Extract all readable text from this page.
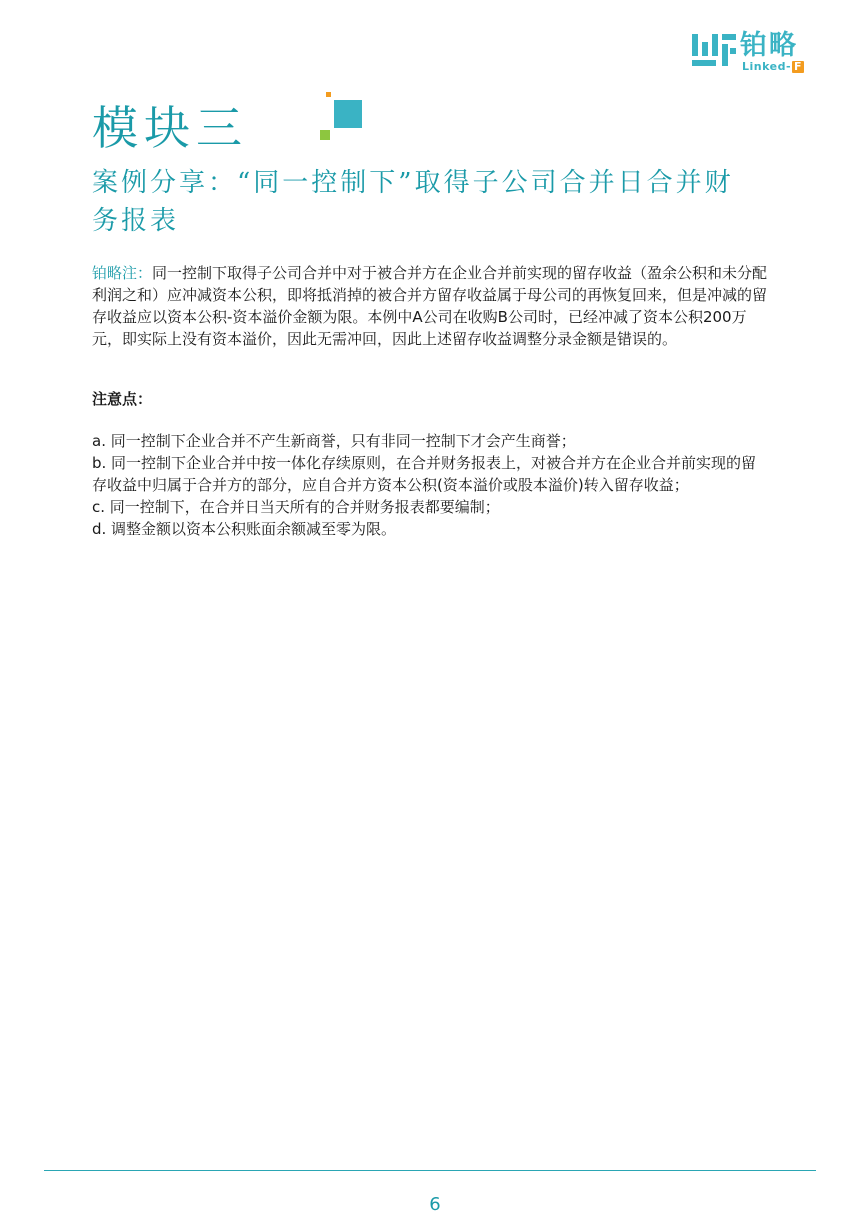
铂略
Linked- F
模块三
案例分享：“同一控制下”取得子公司合并日合并财务报表

铂略注：同一控制下取得子公司合并中对于被合并方在企业合并前实现的留存收益（盈余公积和未分配利润之和）应冲减资本公积，即将抵消掉的被合并方留存收益属于母公司的再恢复回来，但是冲减的留存收益应以资本公积-资本溢价金额为限。本例中A公司在收购B公司时，已经冲减了资本公积200万元，即实际上没有资本溢价，因此无需冲回，因此上述留存收益调整分录金额是错误的。

注意点：

a. 同一控制下企业合并不产生新商誉，只有非同一控制下才会产生商誉；
b. 同一控制下企业合并中按一体化存续原则，在合并财务报表上，对被合并方在企业合并前实现的留存收益中归属于合并方的部分，应自合并方资本公积(资本溢价或股本溢价)转入留存收益；
c. 同一控制下，在合并日当天所有的合并财务报表都要编制；
d. 调整金额以资本公积账面余额减至零为限。
6
